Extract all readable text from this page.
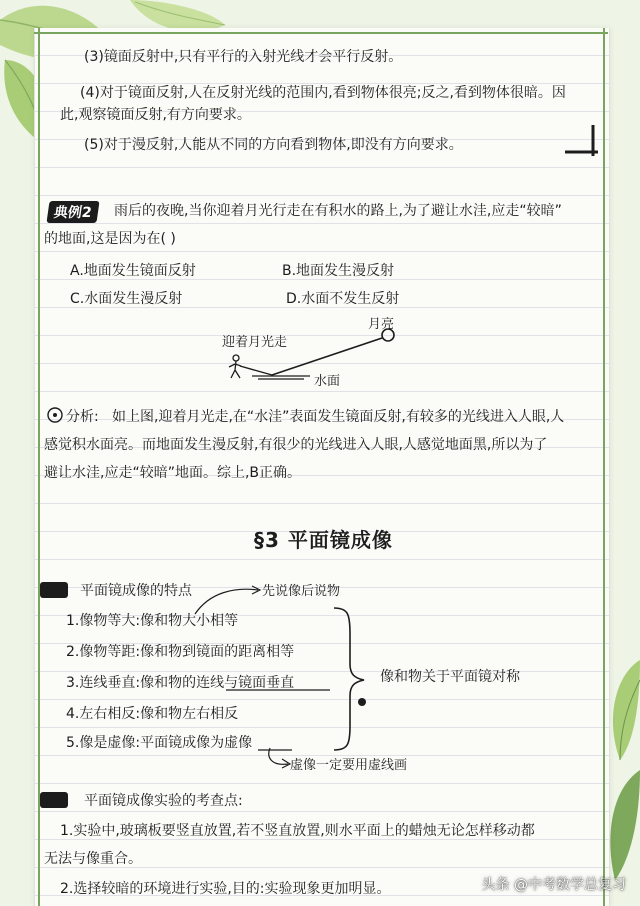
(3)镜面反射中,只有平行的入射光线才会平行反射。
(4)对于镜面反射,人在反射光线的范围内,看到物体很亮;反之,看到物体很暗。因
此,观察镜面反射,有方向要求。
(5)对于漫反射,人能从不同的方向看到物体,即没有方向要求。
典例2	雨后的夜晚,当你迎着月光行走在有积水的路上,为了避让水洼,应走“较暗”
的地面,这是因为在( )
A.地面发生镜面反射	B.地面发生漫反射
C.水面发生漫反射	D.水面不发生反射
月亮
迎着月光走
水面
分析: 如上图,迎着月光走,在“水洼”表面发生镜面反射,有较多的光线进入人眼,人
感觉积水面亮。而地面发生漫反射,有很少的光线进入人眼,人感觉地面黑,所以为了
避让水洼,应走“较暗”地面。综上,B正确。
§3 平面镜成像
平面镜成像的特点	先说像后说物
1.像物等大:像和物大小相等
2.像物等距:像和物到镜面的距离相等
3.连线垂直:像和物的连线与镜面垂直
4.左右相反:像和物左右相反
5.像是虚像:平面镜成像为虚像
像和物关于平面镜对称
虚像一定要用虚线画
平面镜成像实验的考查点:
1.实验中,玻璃板要竖直放置,若不竖直放置,则水平面上的蜡烛无论怎样移动都
无法与像重合。
2.选择较暗的环境进行实验,目的:实验现象更加明显。	头条 @中考数学总复习
